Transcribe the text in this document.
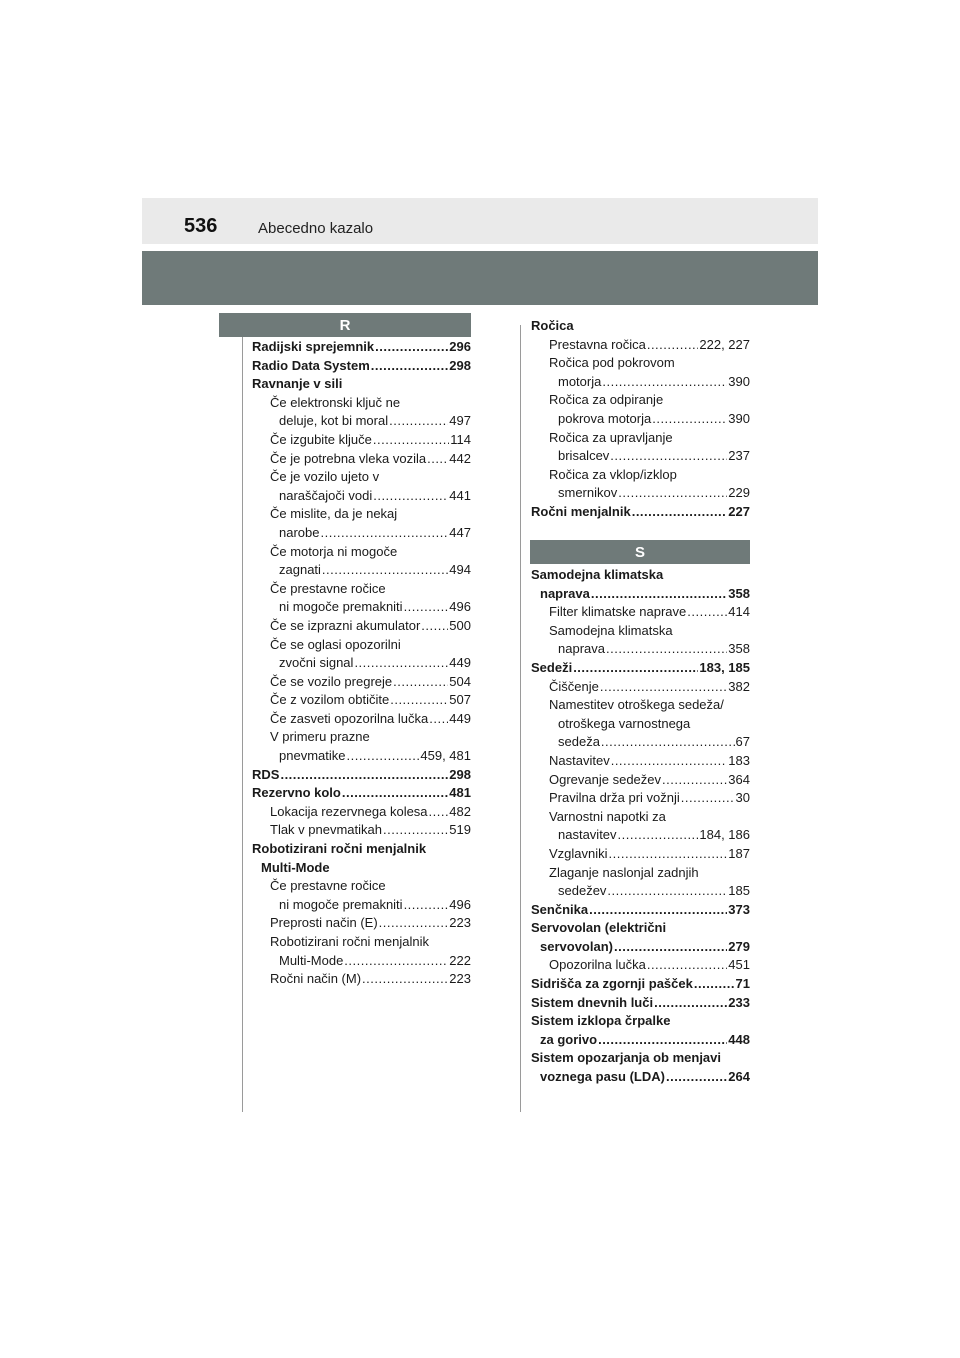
536	Abecedno kazalo
R
S
Radijski sprejemnik .....	296
Radio Data System .....	298
Ravnanje v sili
Če elektronski ključ ne
deluje, kot bi moral .....	497
Če izgubite ključe .....	114
Če je potrebna vleka vozila ..... 442
Če je vozilo ujeto v
naraščajoči vodi .....	441
Če mislite, da je nekaj
narobe .....	447
Če motorja ni mogoče
zagnati .....	494
Če prestavne ročice
ni mogoče premakniti .....	496
Če se izprazni akumulator ..... 500
Če se oglasi opozorilni
zvočni signal .....	449
Če se vozilo pregreje .....	504
Če z vozilom obtičite .....	507
Če zasveti opozorilna lučka ..... 449
V primeru prazne
pnevmatike .....	459, 481
RDS .....	298
Rezervno kolo .....	481
Lokacija rezervnega kolesa ..... 482
Tlak v pnevmatikah .....	519
Robotizirani ročni menjalnik
Multi-Mode
Če prestavne ročice
ni mogoče premakniti .....	496
Preprosti način (E) .....	223
Robotizirani ročni menjalnik
Multi-Mode .....	222
Ročni način (M) .....	223
Ročica
Prestavna ročica .....	222, 227
Ročica pod pokrovom
motorja .....	390
Ročica za odpiranje
pokrova motorja .....	390
Ročica za upravljanje
brisalcev .....	237
Ročica za vklop/izklop
smernikov .....	229
Ročni menjalnik .....	227
Samodejna klimatska
naprava .....	358
Filter klimatske naprave .....	414
Samodejna klimatska
naprava .....	358
Sedeži .....	183, 185
Čiščenje .....	382
Namestitev otroškega sedeža/
otroškega varnostnega
sedeža .....	67
Nastavitev .....	183
Ogrevanje sedežev .....	364
Pravilna drža pri vožnji .....	30
Varnostni napotki za
nastavitev .....	184, 186
Vzglavniki .....	187
Zlaganje naslonjal zadnjih
sedežev .....	185
Senčnika .....	373
Servovolan (električni
servovolan) .....	279
Opozorilna lučka .....	451
Sidrišča za zgornji pašček .....	71
Sistem dnevnih luči .....	233
Sistem izklopa črpalke
za gorivo .....	448
Sistem opozarjanja ob menjavi
voznega pasu (LDA) .....	264
